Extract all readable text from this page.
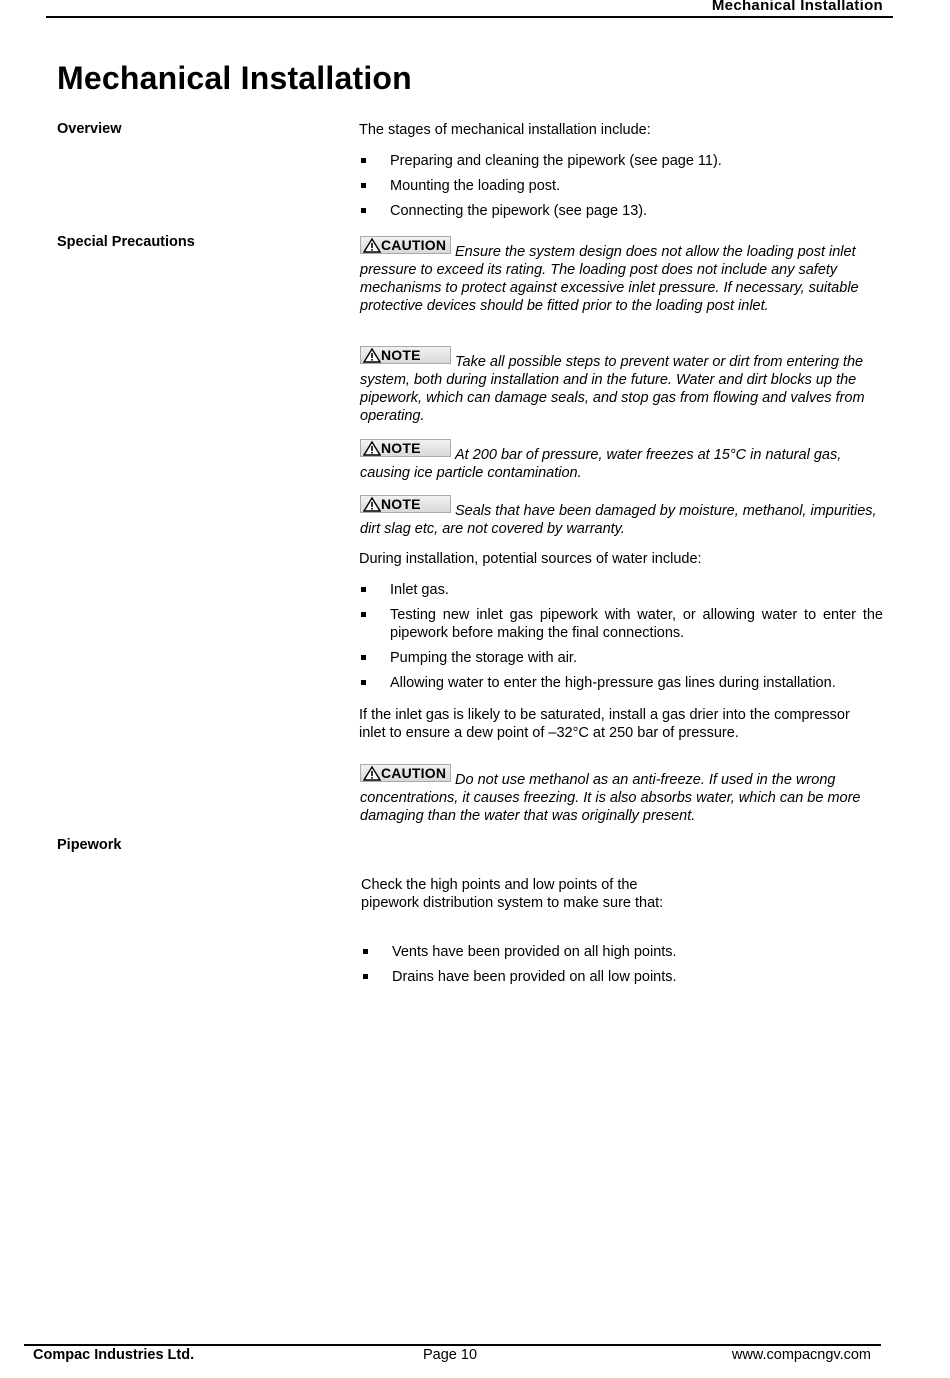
Mechanical Installation
Mechanical Installation
Overview	The stages of mechanical installation include:
Preparing and cleaning the pipework (see page 11).
Mounting the loading post.
Connecting the pipework (see page 13).
Special Precautions	CAUTION Ensure the system design does not allow the loading post inlet pressure to exceed its rating. The loading post does not include any safety mechanisms to protect against excessive inlet pressure. If necessary, suitable protective devices should be fitted prior to the loading post inlet.
NOTE Take all possible steps to prevent water or dirt from entering the system, both during installation and in the future. Water and dirt blocks up the pipework, which can damage seals, and stop gas from flowing and valves from operating.
NOTE At 200 bar of pressure, water freezes at 15°C in natural gas, causing ice particle contamination.
NOTE Seals that have been damaged by moisture, methanol, impurities, dirt slag etc, are not covered by warranty.
During installation, potential sources of water include:
Inlet gas.
Testing new inlet gas pipework with water, or allowing water to enter the pipework before making the final connections.
Pumping the storage with air.
Allowing water to enter the high-pressure gas lines during installation.
If the inlet gas is likely to be saturated, install a gas drier into the compressor inlet to ensure a dew point of –32°C at 250 bar of pressure.
CAUTION Do not use methanol as an anti-freeze. If used in the wrong concentrations, it causes freezing. It is also absorbs water, which can be more damaging than the water that was originally present.
Pipework
Check the high points and low points of the pipework distribution system to make sure that:
Vents have been provided on all high points.
Drains have been provided on all low points.
Compac Industries Ltd.	Page 10	www.compacngv.com
